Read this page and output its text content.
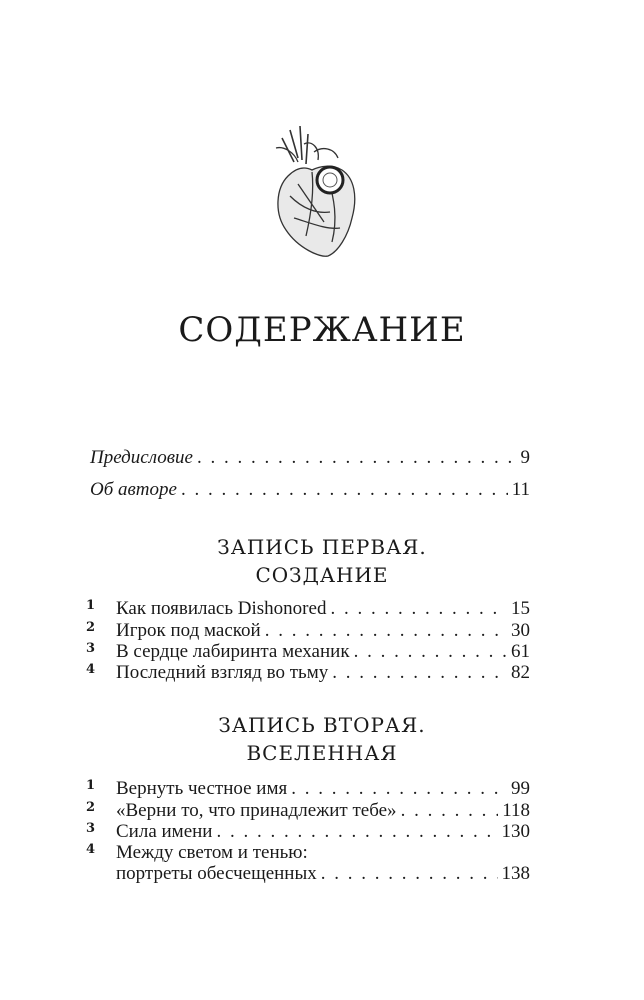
СОДЕРЖАНИЕ
Предисловие . . .	9
Об авторе . . .	11
ЗАПИСЬ ПЕРВАЯ.
СОЗДАНИЕ
1 Как появилась Dishonored . . .	15
2 Игрок под маской . . .	30
3 В сердце лабиринта механик . . .	61
4 Последний взгляд во тьму . . .	82
ЗАПИСЬ ВТОРАЯ.
ВСЕЛЕННАЯ
1 Вернуть честное имя . . .	99
2 «Верни то, что принадлежит тебе» . . .	118
3 Сила имени . . .	130
4 Между светом и тенью:
портреты обесчещенных . . .	138
